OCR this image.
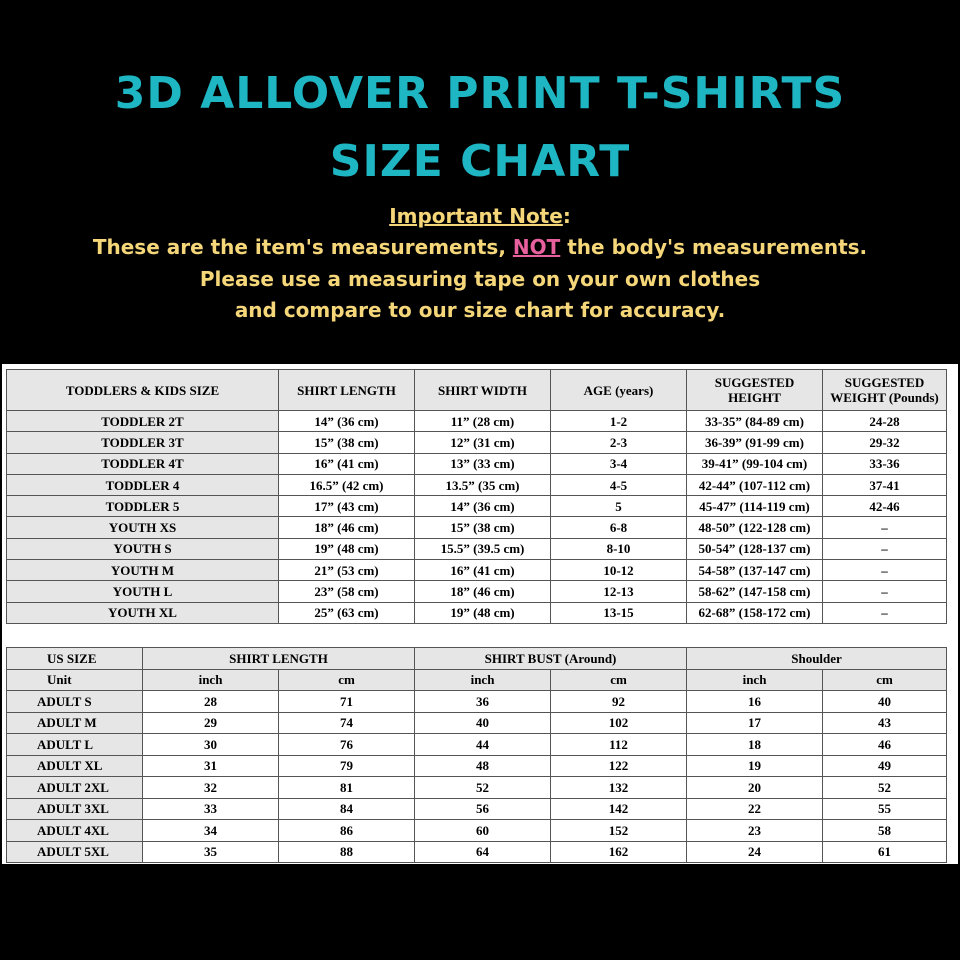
3D ALLOVER PRINT T-SHIRTS
SIZE CHART
Important Note:
These are the item's measurements, NOT the body's measurements.
Please use a measuring tape on your own clothes
and compare to our size chart for accuracy.
TODDLERS & KIDS SIZE	SHIRT LENGTH	SHIRT WIDTH	AGE (years)	SUGGESTED HEIGHT	SUGGESTED WEIGHT (Pounds)
TODDLER 2T	14” (36 cm)	11” (28 cm)	1-2	33-35” (84-89 cm)	24-28
TODDLER 3T	15” (38 cm)	12” (31 cm)	2-3	36-39” (91-99 cm)	29-32
TODDLER 4T	16” (41 cm)	13” (33 cm)	3-4	39-41” (99-104 cm)	33-36
TODDLER 4	16.5” (42 cm)	13.5” (35 cm)	4-5	42-44” (107-112 cm)	37-41
TODDLER 5	17” (43 cm)	14” (36 cm)	5	45-47” (114-119 cm)	42-46
YOUTH XS	18” (46 cm)	15” (38 cm)	6-8	48-50” (122-128 cm)	–
YOUTH S	19” (48 cm)	15.5” (39.5 cm)	8-10	50-54” (128-137 cm)	–
YOUTH M	21” (53 cm)	16” (41 cm)	10-12	54-58” (137-147 cm)	–
YOUTH L	23” (58 cm)	18” (46 cm)	12-13	58-62” (147-158 cm)	–
YOUTH XL	25” (63 cm)	19” (48 cm)	13-15	62-68” (158-172 cm)	–
US SIZE	SHIRT LENGTH		SHIRT BUST (Around)		Shoulder	
Unit	inch	cm	inch	cm	inch	cm
ADULT S	28	71	36	92	16	40
ADULT M	29	74	40	102	17	43
ADULT L	30	76	44	112	18	46
ADULT XL	31	79	48	122	19	49
ADULT 2XL	32	81	52	132	20	52
ADULT 3XL	33	84	56	142	22	55
ADULT 4XL	34	86	60	152	23	58
ADULT 5XL	35	88	64	162	24	61
